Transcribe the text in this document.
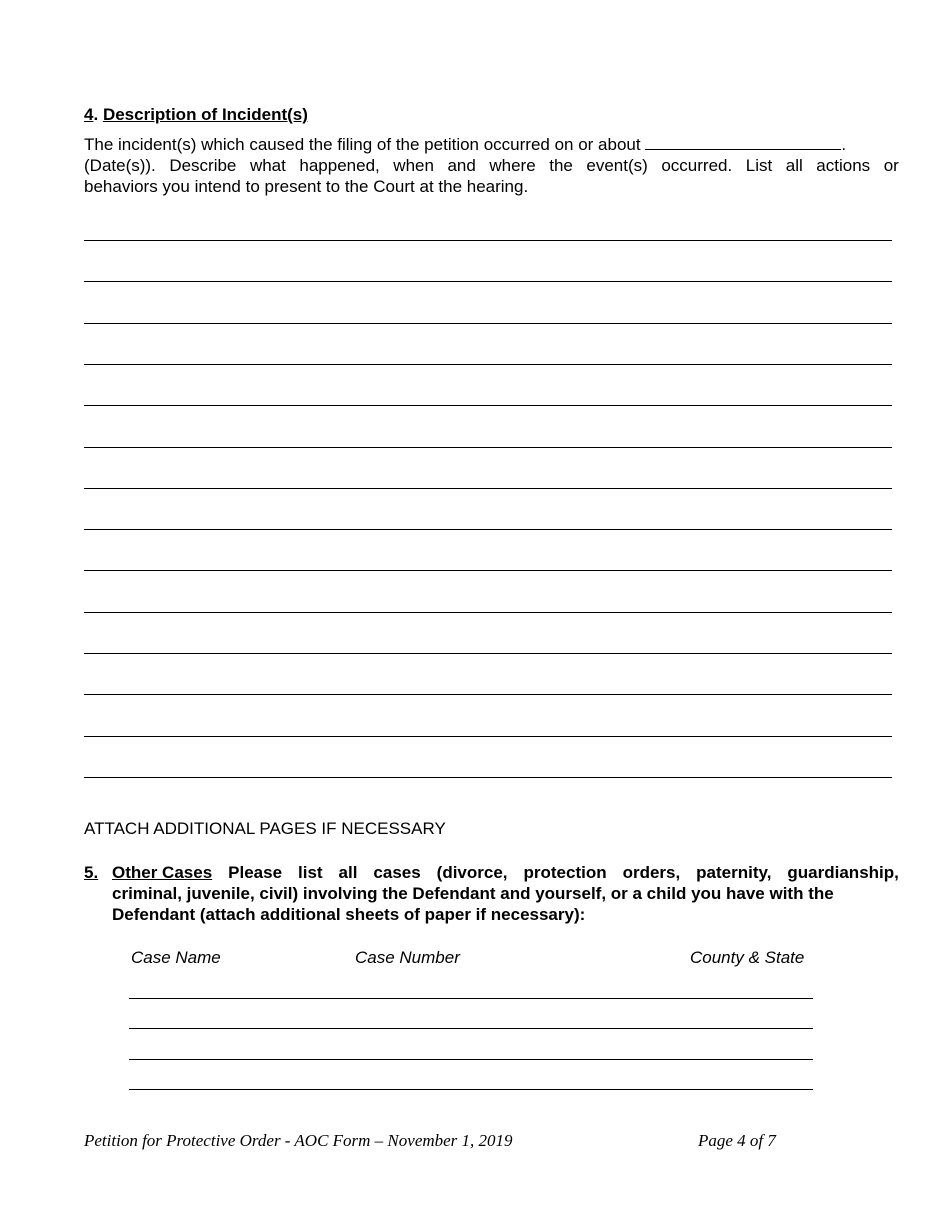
4. Description of Incident(s)
The incident(s) which caused the filing of the petition occurred on or about	.
(Date(s)). Describe what happened, when and where the event(s) occurred. List all actions or
behaviors you intend to present to the Court at the hearing.
ATTACH ADDITIONAL PAGES IF NECESSARY
5. Other Cases Please list all cases (divorce, protection orders, paternity, guardianship,
criminal, juvenile, civil) involving the Defendant and yourself, or a child you have with the
Defendant (attach additional sheets of paper if necessary):
Case Name	Case Number	County & State
Petition for Protective Order - AOC Form – November 1, 2019	Page 4 of 7
